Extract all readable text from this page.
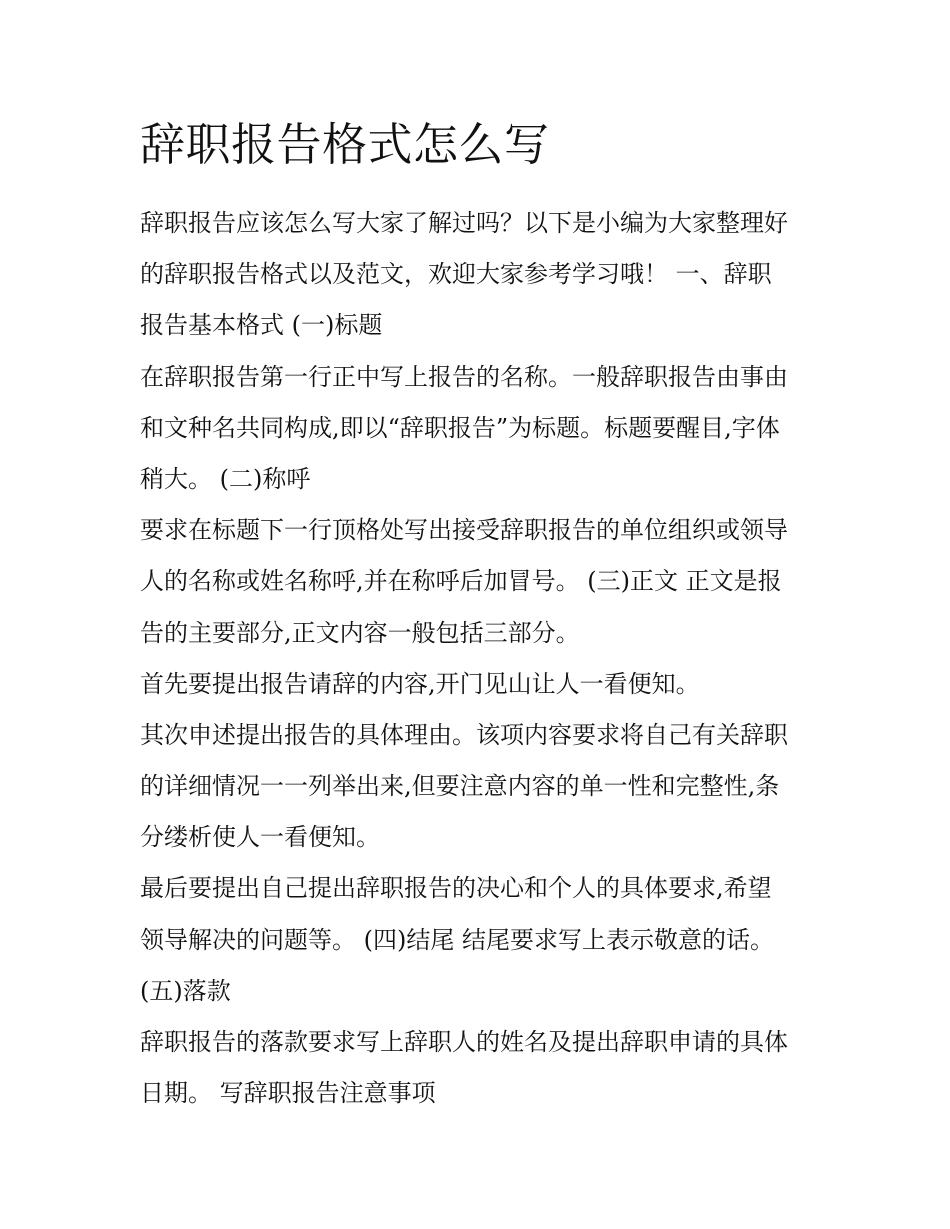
辞职报告格式怎么写
辞职报告应该怎么写大家了解过吗？以下是小编为大家整理好
的辞职报告格式以及范文，欢迎大家参考学习哦！ 一、辞职
报告基本格式 (一)标题
在辞职报告第一行正中写上报告的名称。一般辞职报告由事由
和文种名共同构成,即以“辞职报告”为标题。标题要醒目,字体
稍大。 (二)称呼
要求在标题下一行顶格处写出接受辞职报告的单位组织或领导
人的名称或姓名称呼,并在称呼后加冒号。 (三)正文 正文是报
告的主要部分,正文内容一般包括三部分。
首先要提出报告请辞的内容,开门见山让人一看便知。
其次申述提出报告的具体理由。该项内容要求将自己有关辞职
的详细情况一一列举出来,但要注意内容的单一性和完整性,条
分缕析使人一看便知。
最后要提出自己提出辞职报告的决心和个人的具体要求,希望
领导解决的问题等。 (四)结尾 结尾要求写上表示敬意的话。
(五)落款
辞职报告的落款要求写上辞职人的姓名及提出辞职申请的具体
日期。 写辞职报告注意事项
